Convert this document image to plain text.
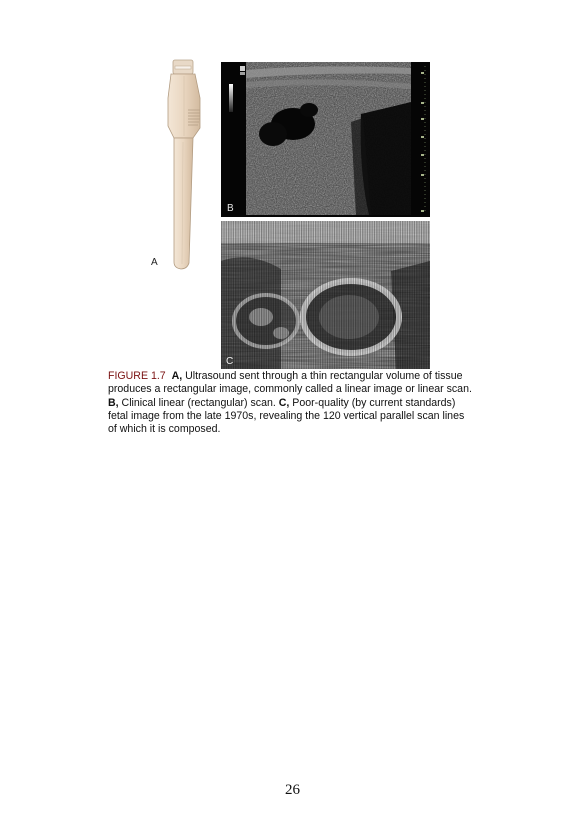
A
B
C
FIGURE 1.7 A, Ultrasound sent through a thin rectangular volume of tissue produces a rectangular image, commonly called a linear image or linear scan. B, Clinical linear (rectangular) scan. C, Poor-quality (by current standards) fetal image from the late 1970s, revealing the 120 vertical parallel scan lines of which it is composed.
26
